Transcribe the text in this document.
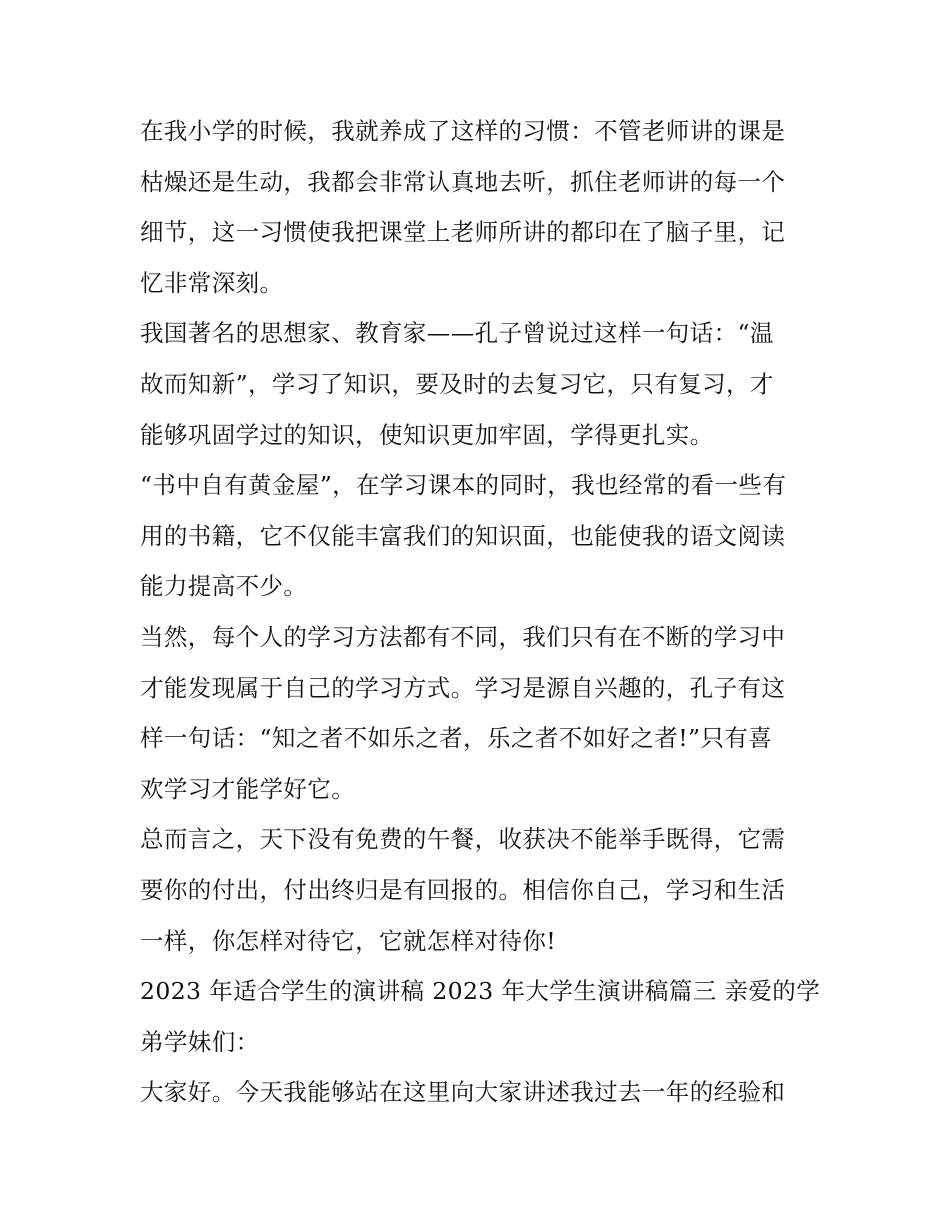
在我小学的时候，我就养成了这样的习惯：不管老师讲的课是
枯燥还是生动，我都会非常认真地去听，抓住老师讲的每一个
细节，这一习惯使我把课堂上老师所讲的都印在了脑子里，记
忆非常深刻。

我国著名的思想家、教育家——孔子曾说过这样一句话：“温
故而知新”，学习了知识，要及时的去复习它，只有复习，才
能够巩固学过的知识，使知识更加牢固，学得更扎实。

“书中自有黄金屋”，在学习课本的同时，我也经常的看一些有
用的书籍，它不仅能丰富我们的知识面，也能使我的语文阅读
能力提高不少。

当然，每个人的学习方法都有不同，我们只有在不断的学习中
才能发现属于自己的学习方式。学习是源自兴趣的，孔子有这
样一句话：“知之者不如乐之者，乐之者不如好之者!”只有喜
欢学习才能学好它。

总而言之，天下没有免费的午餐，收获决不能举手既得，它需
要你的付出，付出终归是有回报的。相信你自己，学习和生活
一样，你怎样对待它，它就怎样对待你!

2023 年适合学生的演讲稿 2023 年大学生演讲稿篇三 亲爱的学
弟学妹们：

大家好。今天我能够站在这里向大家讲述我过去一年的经验和
